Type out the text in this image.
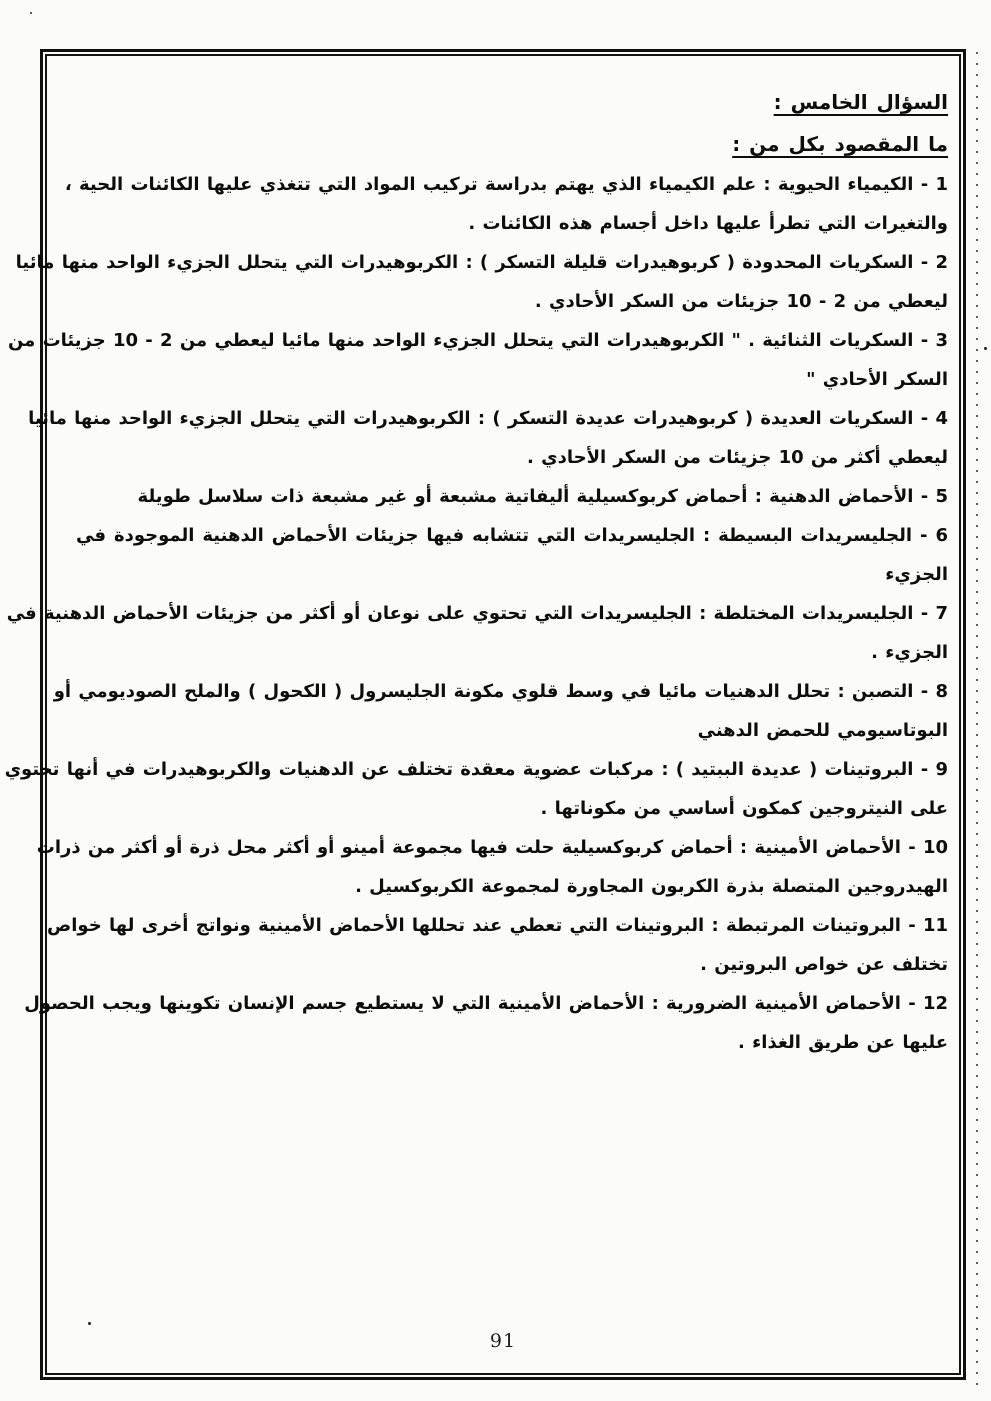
السؤال الخامس :
ما المقصود بكل من :
1 - الكيمياء الحيوية : علم الكيمياء الذي يهتم بدراسة تركيب المواد التي تتغذي عليها الكائنات الحية ،
والتغيرات التي تطرأ عليها داخل أجسام هذه الكائنات .
2 - السكريات المحدودة ( كربوهيدرات قليلة التسكر ) : الكربوهيدرات التي يتحلل الجزيء الواحد منها مائيا
ليعطي من 2 - 10 جزيئات من السكر الأحادي .
3 - السكريات الثنائية . " الكربوهيدرات التي يتحلل الجزيء الواحد منها مائيا ليعطي من 2 - 10 جزيئات من
السكر الأحادي "
4 - السكريات العديدة ( كربوهيدرات عديدة التسكر ) : الكربوهيدرات التي يتحلل الجزيء الواحد منها مائيا
ليعطي أكثر من 10 جزيئات من السكر الأحادي .
5 - الأحماض الدهنية : أحماض كربوكسيلية أليفاتية مشبعة أو غير مشبعة ذات سلاسل طويلة
6 - الجليسريدات البسيطة : الجليسريدات التي تتشابه فيها جزيئات الأحماض الدهنية الموجودة في الجزيء
7 - الجليسريدات المختلطة : الجليسريدات التي تحتوي على نوعان أو أكثر من جزيئات الأحماض الدهنية في
الجزيء .
8 - التصبن : تحلل الدهنيات مائيا في وسط قلوي مكونة الجليسرول ( الكحول ) والملح الصوديومي أو
البوتاسيومي للحمض الدهني
9 - البروتينات ( عديدة الببتيد ) : مركبات عضوية معقدة تختلف عن الدهنيات والكربوهيدرات في أنها تحتوي
على النيتروجين كمكون أساسي من مكوناتها .
10 - الأحماض الأمينية : أحماض كربوكسيلية حلت فيها مجموعة أمينو أو أكثر محل ذرة أو أكثر من ذرات
الهيدروجين المتصلة بذرة الكربون المجاورة لمجموعة الكربوكسيل .
11 - البروتينات المرتبطة : البروتينات التي تعطي عند تحللها الأحماض الأمينية ونواتج أخرى لها خواص
تختلف عن خواص البروتين .
12 - الأحماض الأمينية الضرورية : الأحماض الأمينية التي لا يستطيع جسم الإنسان تكوينها ويجب الحصول
عليها عن طريق الغذاء .
91
